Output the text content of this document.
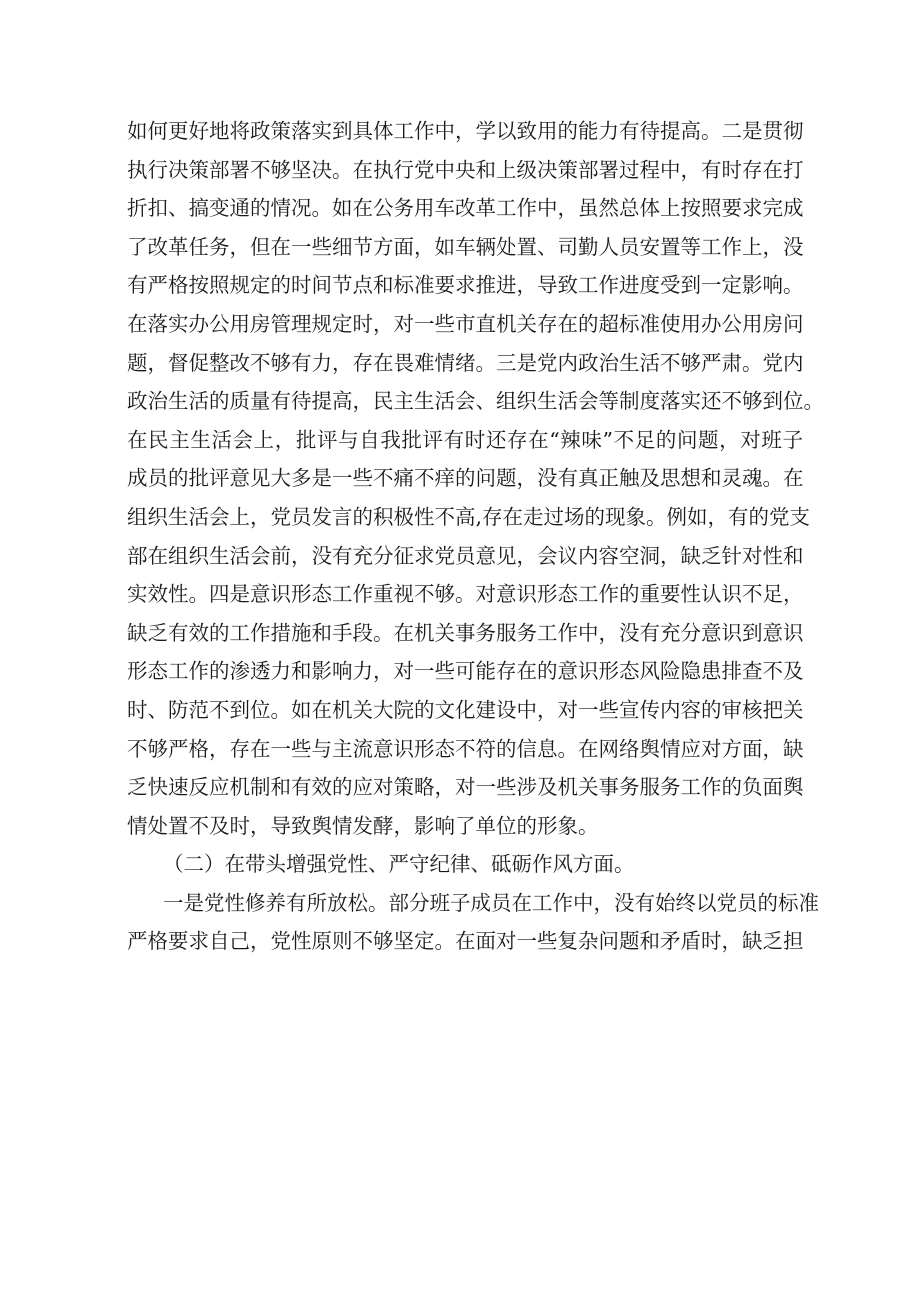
如何更好地将政策落实到具体工作中，学以致用的能力有待提高。二是贯彻
执行决策部署不够坚决。在执行党中央和上级决策部署过程中，有时存在打
折扣、搞变通的情况。如在公务用车改革工作中，虽然总体上按照要求完成
了改革任务，但在一些细节方面，如车辆处置、司勤人员安置等工作上，没
有严格按照规定的时间节点和标准要求推进，导致工作进度受到一定影响。
在落实办公用房管理规定时，对一些市直机关存在的超标准使用办公用房问
题，督促整改不够有力，存在畏难情绪。三是党内政治生活不够严肃。党内
政治生活的质量有待提高，民主生活会、组织生活会等制度落实还不够到位。
在民主生活会上，批评与自我批评有时还存在“辣味”不足的问题，对班子
成员的批评意见大多是一些不痛不痒的问题，没有真正触及思想和灵魂。在
组织生活会上，党员发言的积极性不高,存在走过场的现象。例如，有的党支
部在组织生活会前，没有充分征求党员意见，会议内容空洞，缺乏针对性和
实效性。四是意识形态工作重视不够。对意识形态工作的重要性认识不足，
缺乏有效的工作措施和手段。在机关事务服务工作中，没有充分意识到意识
形态工作的渗透力和影响力，对一些可能存在的意识形态风险隐患排查不及
时、防范不到位。如在机关大院的文化建设中，对一些宣传内容的审核把关
不够严格，存在一些与主流意识形态不符的信息。在网络舆情应对方面，缺
乏快速反应机制和有效的应对策略，对一些涉及机关事务服务工作的负面舆
情处置不及时，导致舆情发酵，影响了单位的形象。
（二）在带头增强党性、严守纪律、砥砺作风方面。
一是党性修养有所放松。部分班子成员在工作中，没有始终以党员的标准
严格要求自己，党性原则不够坚定。在面对一些复杂问题和矛盾时，缺乏担
